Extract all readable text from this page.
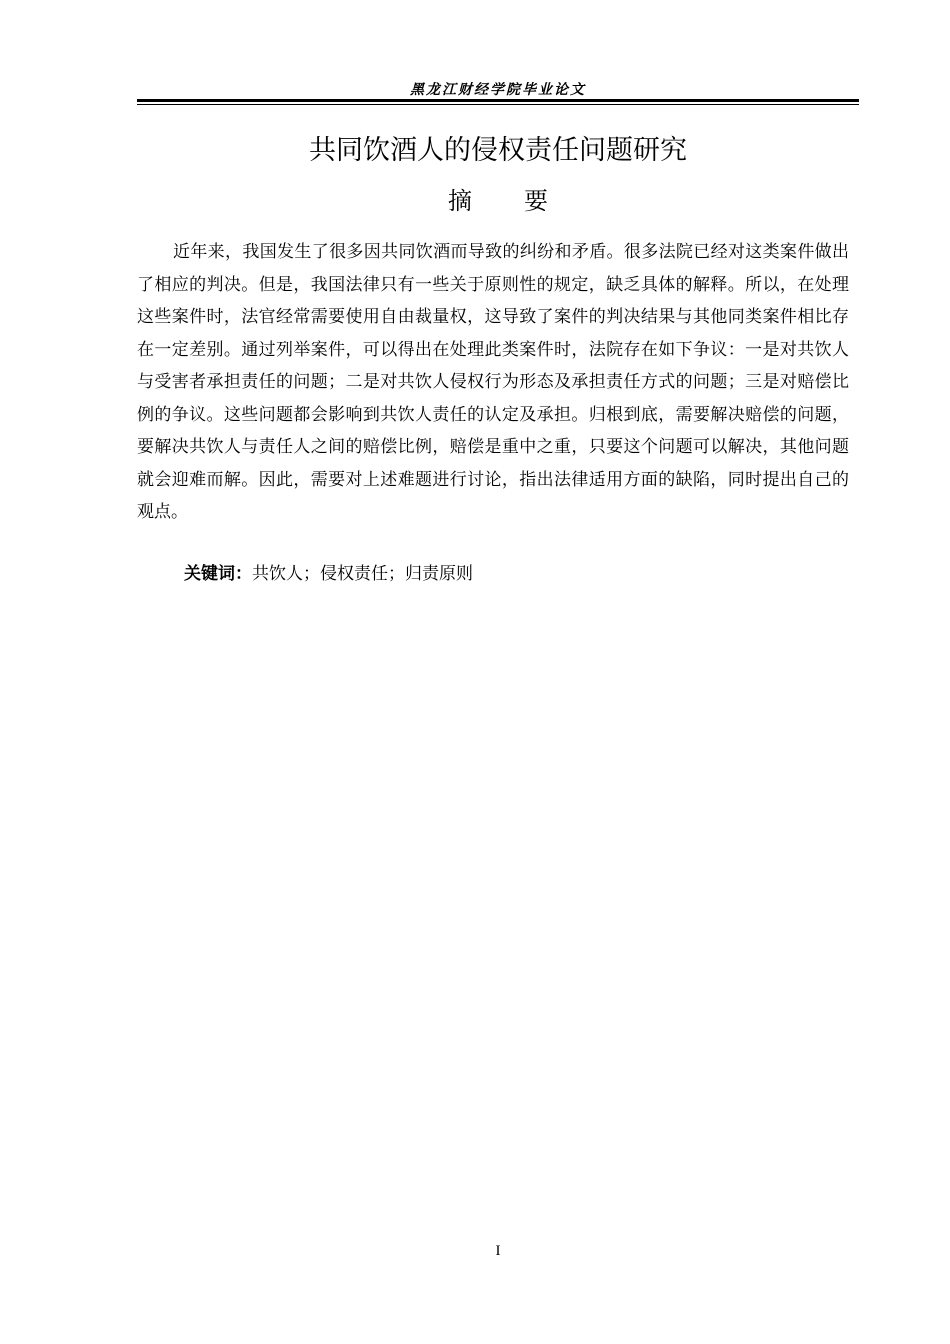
黑龙江财经学院毕业论文
共同饮酒人的侵权责任问题研究
摘 要

近年来，我国发生了很多因共同饮酒而导致的纠纷和矛盾。很多法院已经对这类案件做出了相应的判决。但是，我国法律只有一些关于原则性的规定，缺乏具体的解释。所以，在处理这些案件时，法官经常需要使用自由裁量权，这导致了案件的判决结果与其他同类案件相比存在一定差别。通过列举案件，可以得出在处理此类案件时，法院存在如下争议：一是对共饮人与受害者承担责任的问题；二是对共饮人侵权行为形态及承担责任方式的问题；三是对赔偿比例的争议。这些问题都会影响到共饮人责任的认定及承担。归根到底，需要解决赔偿的问题，要解决共饮人与责任人之间的赔偿比例，赔偿是重中之重，只要这个问题可以解决，其他问题就会迎难而解。因此，需要对上述难题进行讨论，指出法律适用方面的缺陷，同时提出自己的观点。

关键词：共饮人；侵权责任；归责原则
I
